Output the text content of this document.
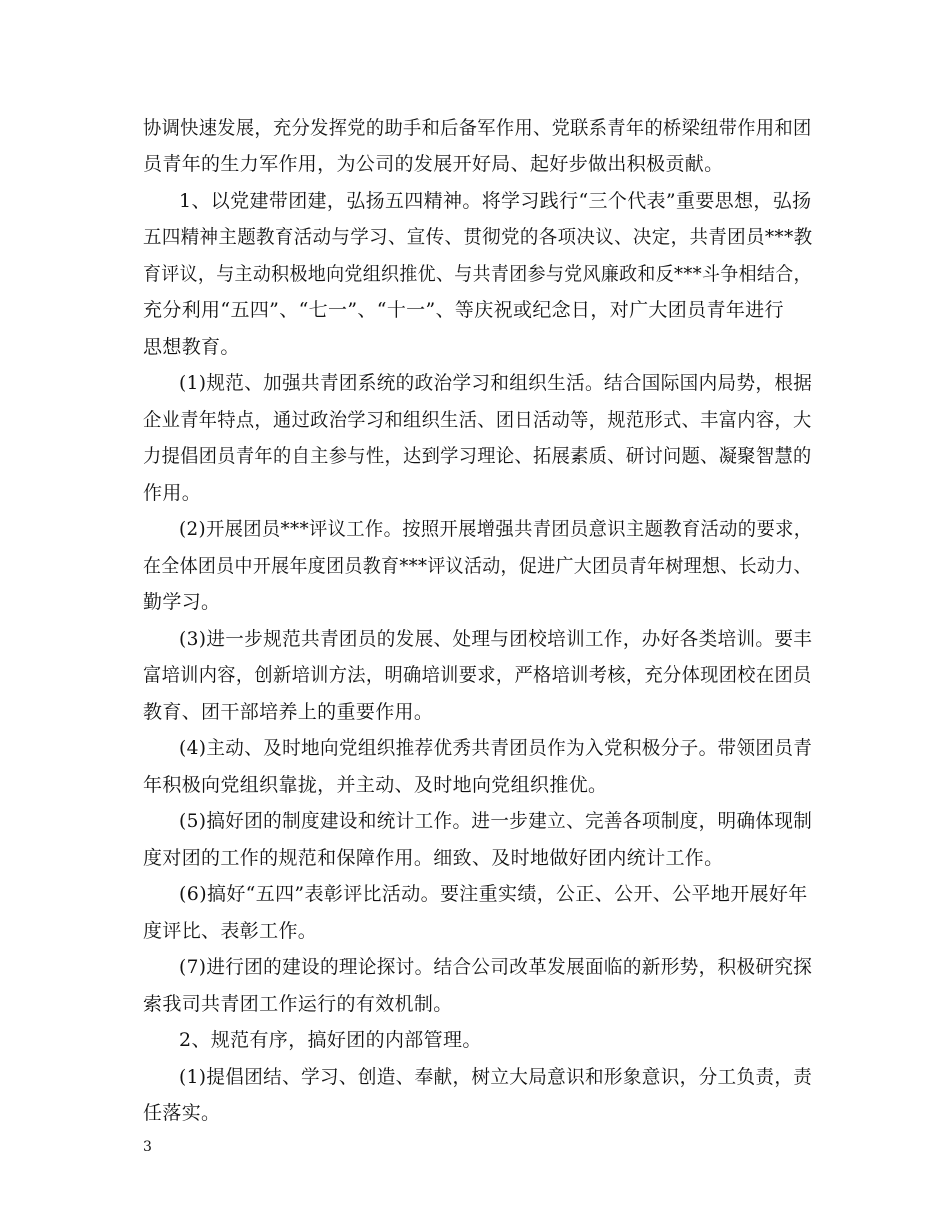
协调快速发展，充分发挥党的助手和后备军作用、党联系青年的桥梁纽带作用和团
员青年的生力军作用，为公司的发展开好局、起好步做出积极贡献。
1、以党建带团建，弘扬五四精神。将学习践行“三个代表”重要思想，弘扬
五四精神主题教育活动与学习、宣传、贯彻党的各项决议、决定，共青团员***教
育评议，与主动积极地向党组织推优、与共青团参与党风廉政和反***斗争相结合，
充分利用“五四”、“七一”、“十一”、等庆祝或纪念日，对广大团员青年进行
思想教育。
(1)规范、加强共青团系统的政治学习和组织生活。结合国际国内局势，根据
企业青年特点，通过政治学习和组织生活、团日活动等，规范形式、丰富内容，大
力提倡团员青年的自主参与性，达到学习理论、拓展素质、研讨问题、凝聚智慧的
作用。
(2)开展团员***评议工作。按照开展增强共青团员意识主题教育活动的要求，
在全体团员中开展年度团员教育***评议活动，促进广大团员青年树理想、长动力、
勤学习。
(3)进一步规范共青团员的发展、处理与团校培训工作，办好各类培训。要丰
富培训内容，创新培训方法，明确培训要求，严格培训考核，充分体现团校在团员
教育、团干部培养上的重要作用。
(4)主动、及时地向党组织推荐优秀共青团员作为入党积极分子。带领团员青
年积极向党组织靠拢，并主动、及时地向党组织推优。
(5)搞好团的制度建设和统计工作。进一步建立、完善各项制度，明确体现制
度对团的工作的规范和保障作用。细致、及时地做好团内统计工作。
(6)搞好“五四”表彰评比活动。要注重实绩，公正、公开、公平地开展好年
度评比、表彰工作。
(7)进行团的建设的理论探讨。结合公司改革发展面临的新形势，积极研究探
索我司共青团工作运行的有效机制。
2、规范有序，搞好团的内部管理。
(1)提倡团结、学习、创造、奉献，树立大局意识和形象意识，分工负责，责
任落实。
3
